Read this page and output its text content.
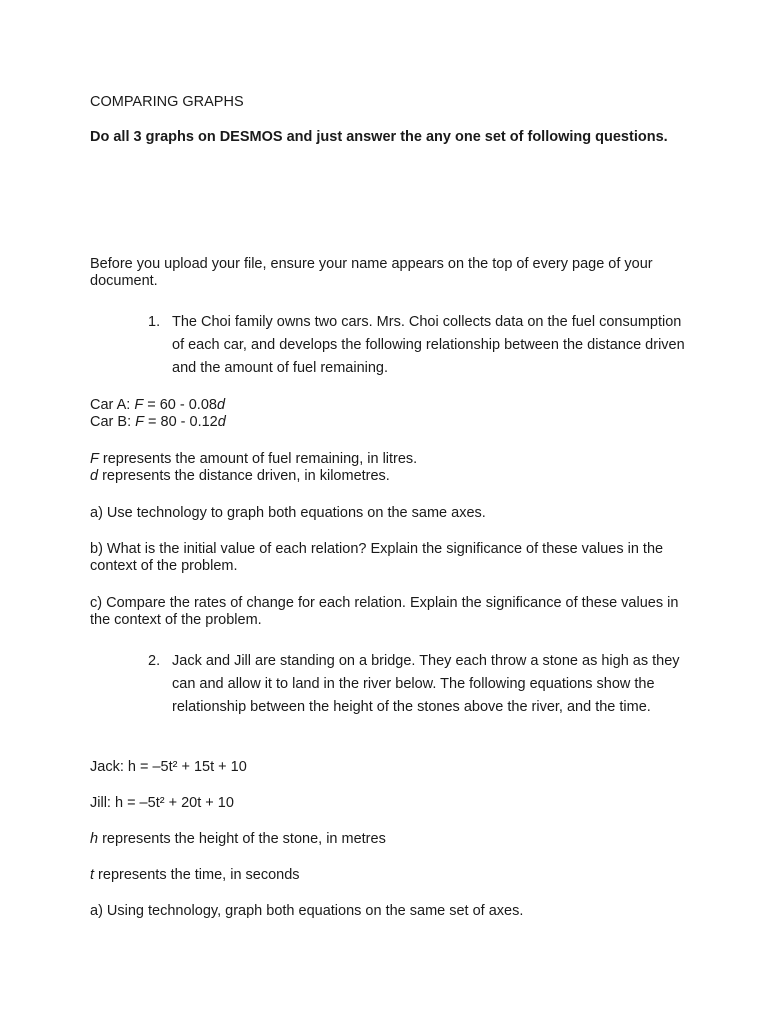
COMPARING GRAPHS

Do all 3 graphs on DESMOS and just answer the any one set of following questions.

Before you upload your file, ensure your name appears on the top of every page of your document.

1. The Choi family owns two cars. Mrs. Choi collects data on the fuel consumption of each car, and develops the following relationship between the distance driven and the amount of fuel remaining.

Car A: F = 60 - 0.08d

Car B: F = 80 - 0.12d

F represents the amount of fuel remaining, in litres.

d represents the distance driven, in kilometres.

a) Use technology to graph both equations on the same axes.

b) What is the initial value of each relation? Explain the significance of these values in the context of the problem.

c) Compare the rates of change for each relation. Explain the significance of these values in the context of the problem.

2. Jack and Jill are standing on a bridge. They each throw a stone as high as they can and allow it to land in the river below. The following equations show the relationship between the height of the stones above the river, and the time.

Jack: h = –5t² + 15t + 10

Jill: h = –5t² + 20t + 10

h represents the height of the stone, in metres

t represents the time, in seconds

a) Using technology, graph both equations on the same set of axes.
